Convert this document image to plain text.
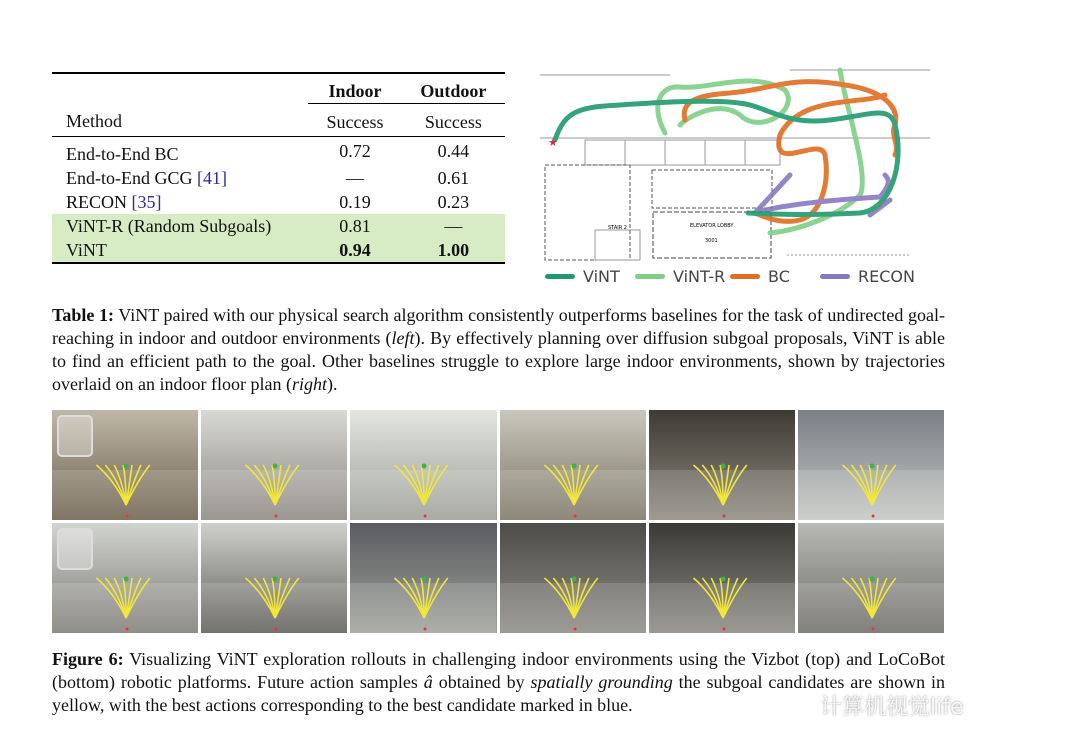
	Indoor	Outdoor
Method	Success	Success
End-to-End BC	0.72	0.44
End-to-End GCG [41]	—	0.61
RECON [35]	0.19	0.23
ViNT-R (Random Subgoals)	0.81	—
ViNT	0.94	1.00
STAIR 2	ELEVATOR LOBBY
3001
★
ViNT	ViNT-R	BC	RECON

Table 1: ViNT paired with our physical search algorithm consistently outperforms baselines for the task of undirected goal-reaching in indoor and outdoor environments (left). By effectively planning over diffusion subgoal proposals, ViNT is able to find an efficient path to the goal. Other baselines struggle to explore large indoor environments, shown by trajectories overlaid on an indoor floor plan (right).

Figure 6: Visualizing ViNT exploration rollouts in challenging indoor environments using the Vizbot (top) and LoCoBot (bottom) robotic platforms. Future action samples â obtained by spatially grounding the subgoal candidates are shown in yellow, with the best actions corresponding to the best candidate marked in blue.	计算机视觉life
